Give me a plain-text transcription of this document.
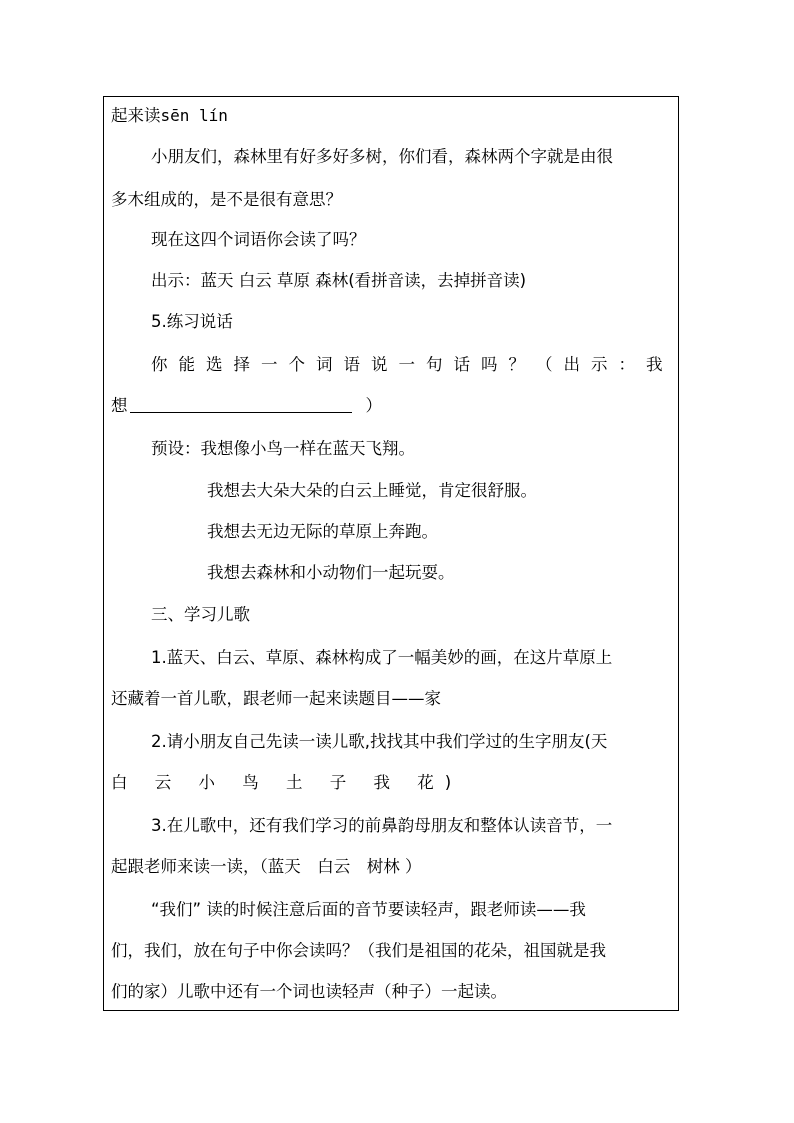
起来读sēn lín
小朋友们，森林里有好多好多树，你们看，森林两个字就是由很
多木组成的，是不是很有意思？
现在这四个词语你会读了吗？
出示：蓝天 白云 草原 森林(看拼音读，去掉拼音读)
5.练习说话
你能选择一个词语说一句话吗？（出示：我
想	）
预设：我想像小鸟一样在蓝天飞翔。
我想去大朵大朵的白云上睡觉，肯定很舒服。
我想去无边无际的草原上奔跑。
我想去森林和小动物们一起玩耍。
三、学习儿歌
1.蓝天、白云、草原、森林构成了一幅美妙的画，在这片草原上
还藏着一首儿歌，跟老师一起来读题目——家
2.请小朋友自己先读一读儿歌,找找其中我们学过的生字朋友(天
白 云 小 鸟 土 子 我 花)
3.在儿歌中，还有我们学习的前鼻韵母朋友和整体认读音节，一
起跟老师来读一读，（蓝天　白云　树林 ）
“我们” 读的时候注意后面的音节要读轻声，跟老师读——我
们，我们，放在句子中你会读吗？（我们是祖国的花朵，祖国就是我
们的家）儿歌中还有一个词也读轻声（种子）一起读。
